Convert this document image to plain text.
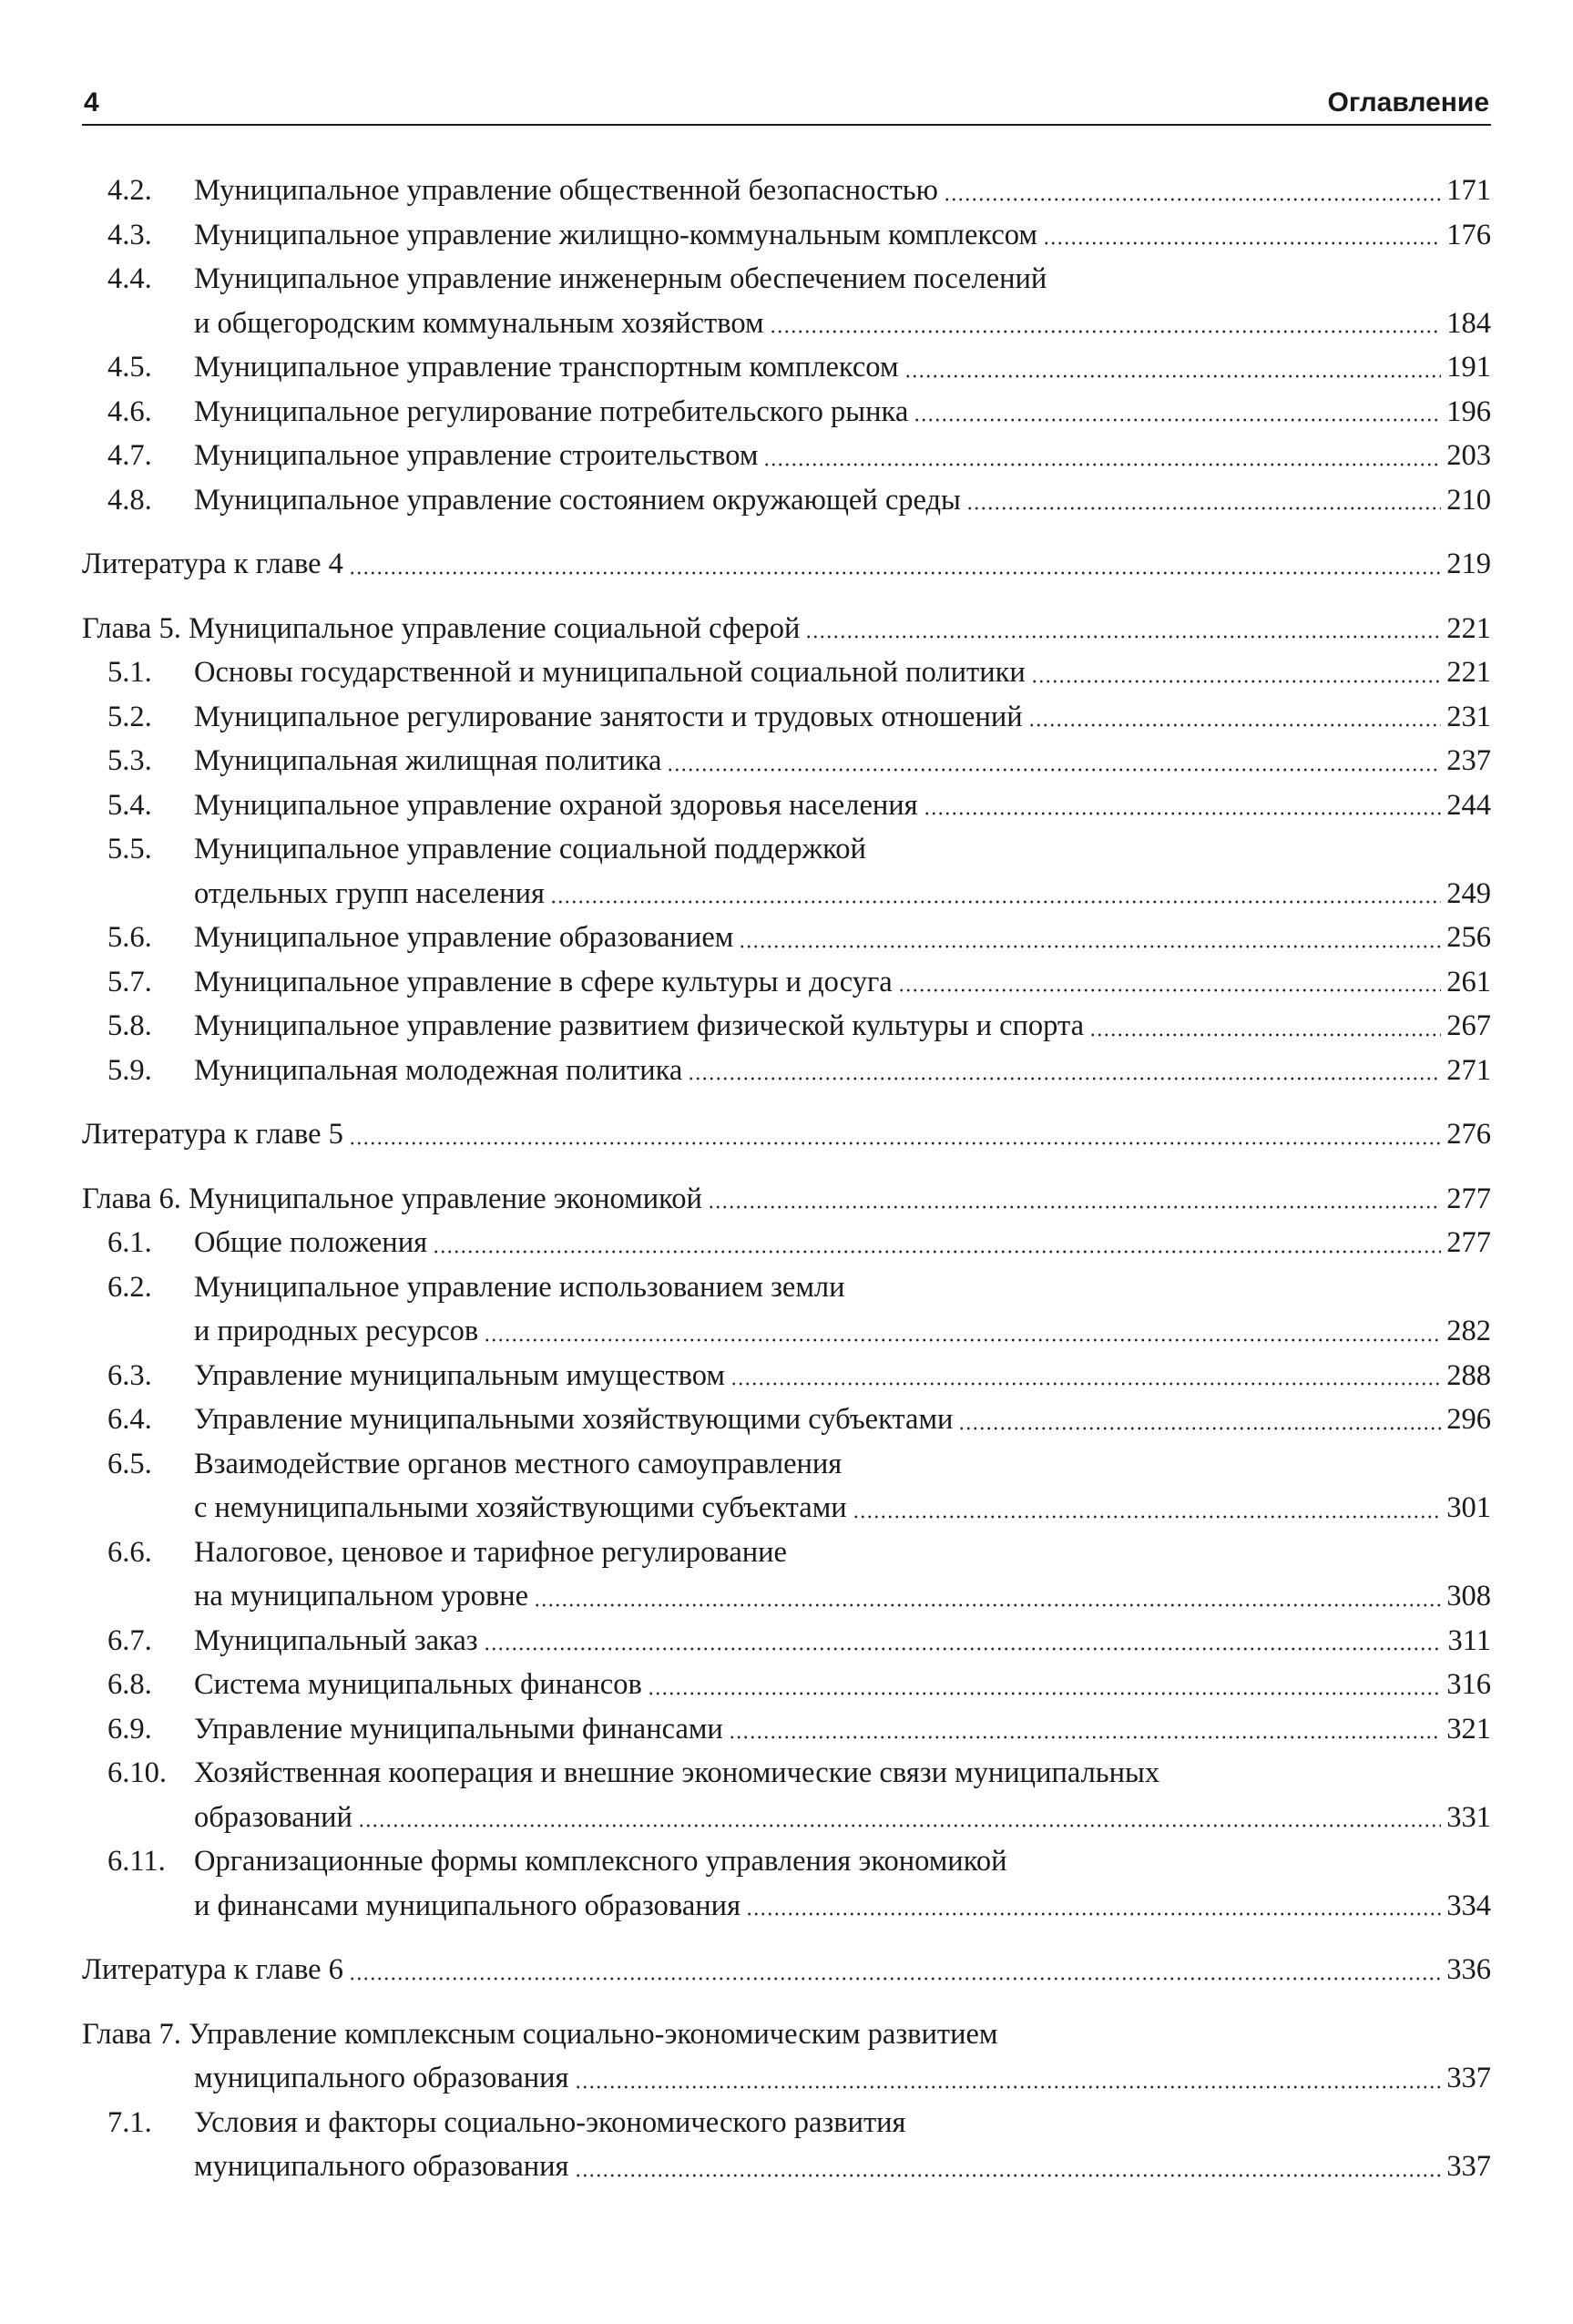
4	Оглавление
4.2. Муниципальное управление общественной безопасностью	171
4.3. Муниципальное управление жилищно-коммунальным комплексом	176
4.4. Муниципальное управление инженерным обеспечением поселений
и общегородским коммунальным хозяйством	184
4.5. Муниципальное управление транспортным комплексом	191
4.6. Муниципальное регулирование потребительского рынка	196
4.7. Муниципальное управление строительством	203
4.8. Муниципальное управление состоянием окружающей среды	210
Литература к главе 4	219
Глава 5. Муниципальное управление социальной сферой	221
5.1. Основы государственной и муниципальной социальной политики	221
5.2. Муниципальное регулирование занятости и трудовых отношений	231
5.3. Муниципальная жилищная политика	237
5.4. Муниципальное управление охраной здоровья населения	244
5.5. Муниципальное управление социальной поддержкой
отдельных групп населения	249
5.6. Муниципальное управление образованием	256
5.7. Муниципальное управление в сфере культуры и досуга	261
5.8. Муниципальное управление развитием физической культуры и спорта	267
5.9. Муниципальная молодежная политика	271
Литература к главе 5	276
Глава 6. Муниципальное управление экономикой	277
6.1. Общие положения	277
6.2. Муниципальное управление использованием земли
и природных ресурсов	282
6.3. Управление муниципальным имуществом	288
6.4. Управление муниципальными хозяйствующими субъектами	296
6.5. Взаимодействие органов местного самоуправления
с немуниципальными хозяйствующими субъектами	301
6.6. Налоговое, ценовое и тарифное регулирование
на муниципальном уровне	308
6.7. Муниципальный заказ	311
6.8. Система муниципальных финансов	316
6.9. Управление муниципальными финансами	321
6.10. Хозяйственная кооперация и внешние экономические связи муниципальных
образований	331
6.11. Организационные формы комплексного управления экономикой
и финансами муниципального образования	334
Литература к главе 6	336
Глава 7. Управление комплексным социально-экономическим развитием
муниципального образования	337
7.1. Условия и факторы социально-экономического развития
муниципального образования	337
